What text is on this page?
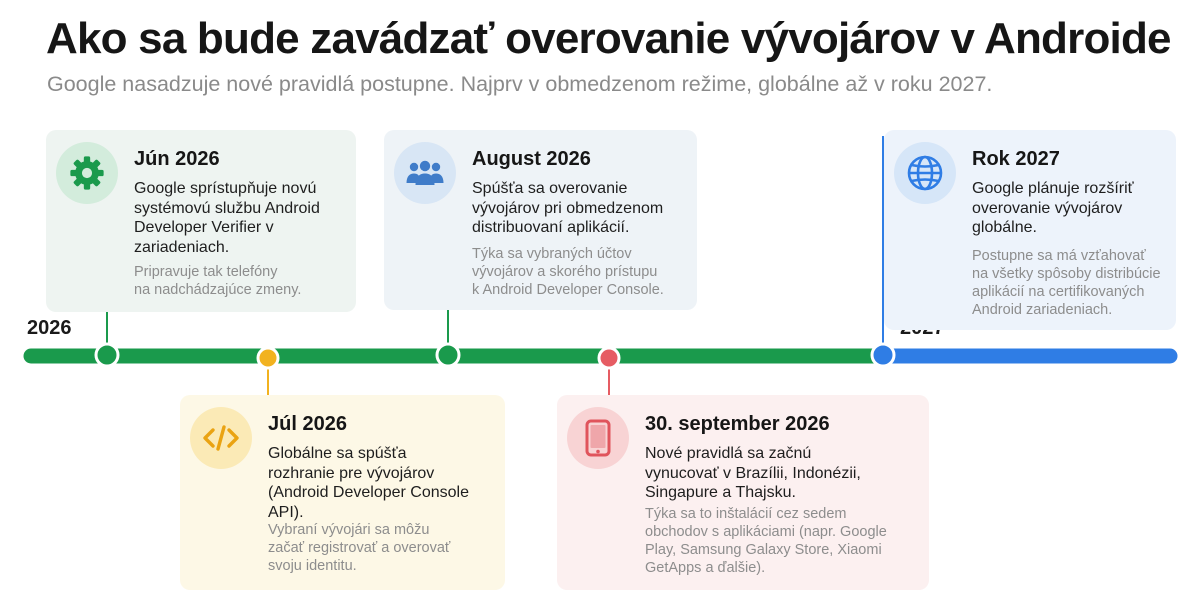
Ako sa bude zavádzať overovanie vývojárov v Androide
Google nasadzuje nové pravidlá postupne. Najprv v obmedzenom režime, globálne až v roku 2027.
2026
Jún 2026
Google sprístupňuje novú
systémovú službu Android
Developer Verifier v
zariadeniach.
Pripravuje tak telefóny
na nadchádzajúce zmeny.
Júl 2026
Globálne sa spúšťa
rozhranie pre vývojárov
(Android Developer Console
API).
Vybraní vývojári sa môžu
začať registrovať a overovať
svoju identitu.
August 2026
Spúšťa sa overovanie
vývojárov pri obmedzenom
distribuovaní aplikácií.
Týka sa vybraných účtov
vývojárov a skorého prístupu
k Android Developer Console.
30. september 2026
Nové pravidlá sa začnú
vynucovať v Brazílii, Indonézii,
Singapure a Thajsku.
Týka sa to inštalácií cez sedem
obchodov s aplikáciami (napr. Google
Play, Samsung Galaxy Store, Xiaomi
GetApps a ďalšie).
Rok 2027
Google plánuje rozšíriť
overovanie vývojárov
globálne.
Postupne sa má vzťahovať
na všetky spôsoby distribúcie
aplikácií na certifikovaných
Android zariadeniach.
